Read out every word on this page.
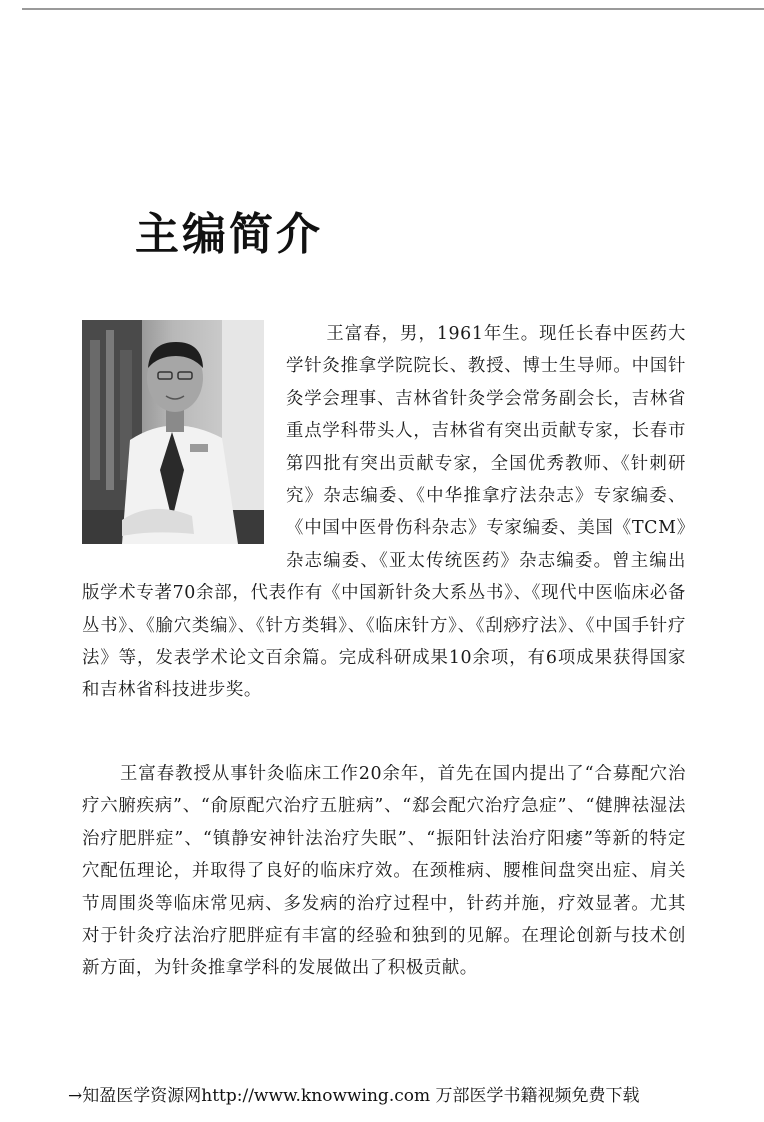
主编简介

王富春，男，1961年生。现任长春中医药大学针灸推拿学院院长、教授、博士生导师。中国针灸学会理事、吉林省针灸学会常务副会长，吉林省重点学科带头人，吉林省有突出贡献专家，长春市第四批有突出贡献专家，全国优秀教师、《针刺研究》杂志编委、《中华推拿疗法杂志》专家编委、《中国中医骨伤科杂志》专家编委、美国《TCM》杂志编委、《亚太传统医药》杂志编委。曾主编出版学术专著70余部，代表作有《中国新针灸大系丛书》、《现代中医临床必备丛书》、《腧穴类编》、《针方类辑》、《临床针方》、《刮痧疗法》、《中国手针疗法》等，发表学术论文百余篇。完成科研成果10余项，有6项成果获得国家和吉林省科技进步奖。

王富春教授从事针灸临床工作20余年，首先在国内提出了“合募配穴治疗六腑疾病”、“俞原配穴治疗五脏病”、“郄会配穴治疗急症”、“健脾祛湿法治疗肥胖症”、“镇静安神针法治疗失眠”、“振阳针法治疗阳痿”等新的特定穴配伍理论，并取得了良好的临床疗效。在颈椎病、腰椎间盘突出症、肩关节周围炎等临床常见病、多发病的治疗过程中，针药并施，疗效显著。尤其对于针灸疗法治疗肥胖症有丰富的经验和独到的见解。在理论创新与技术创新方面，为针灸推拿学科的发展做出了积极贡献。

→知盈医学资源网http://www.knowwing.com 万部医学书籍视频免费下载
